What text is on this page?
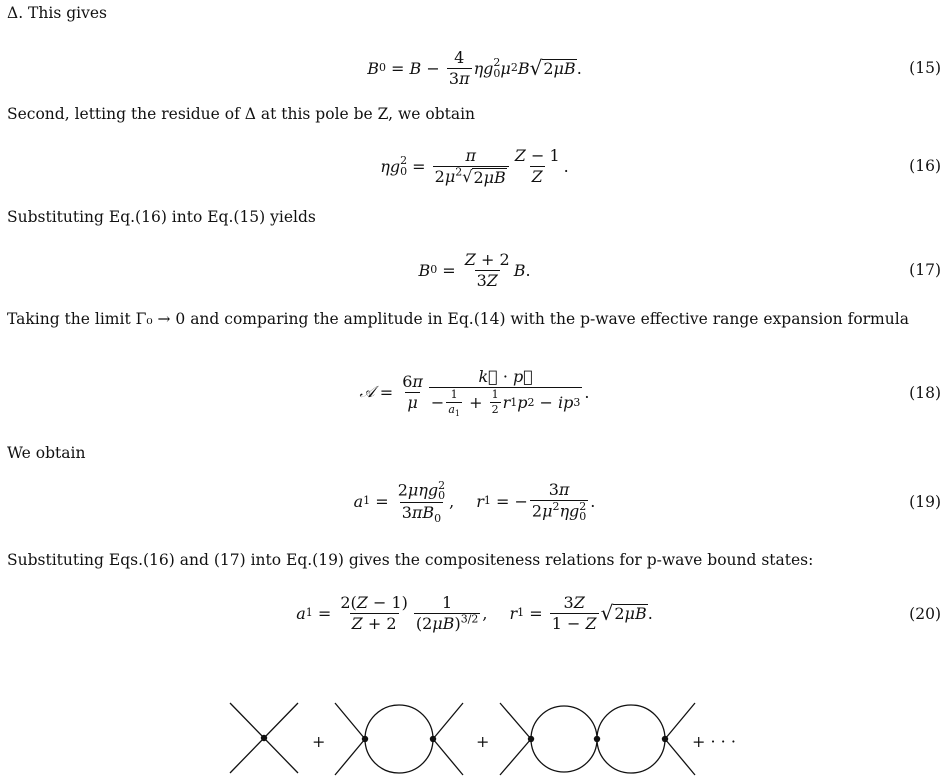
Δ. This gives
B $0 = B - \frac{4}{3\pi}$ ηg 2
0 μ 2 B √ 2μB .	(15)
Second, letting the residue of Δ at this pole be Z, we obtain
ηg 2
$0 = \frac{\pi}{2\mu^2 √ 2\mu B} \frac{Z - 1}{Z}$ .	(16)
Substituting Eq.(16) into Eq.(15) yields
B $0 = \frac{Z + 2}{3Z}$ B .	(17)
Taking the limit Γ₀ → 0 and comparing the amplitude in Eq.(14) with the p-wave effective range expansion formula
𝒜 = $\frac{6\pi}{\mu} \frac{k⃗ \cdot p⃗}{- \frac{1}{a_1} + \frac{1}{2} r 1 p 2 - ip 3}$ .	(18)
We obtain
a 1 = 2μηg 2
0
$3\pi B_0$ , r 1 = − 3π
$2\mu^2\eta g$ 2
0 .	(19)
Substituting Eqs.(16) and (17) into Eq.(19) gives the compositeness relations for p-wave bound states:
a $1 = \frac{2(Z - 1)}{Z + 2} \frac{1}{(2\mu B)^{3/2}}$ , r $1 = \frac{3Z}{1 - Z}$ √ 2μB .	(20)
+	+	+ · · ·
